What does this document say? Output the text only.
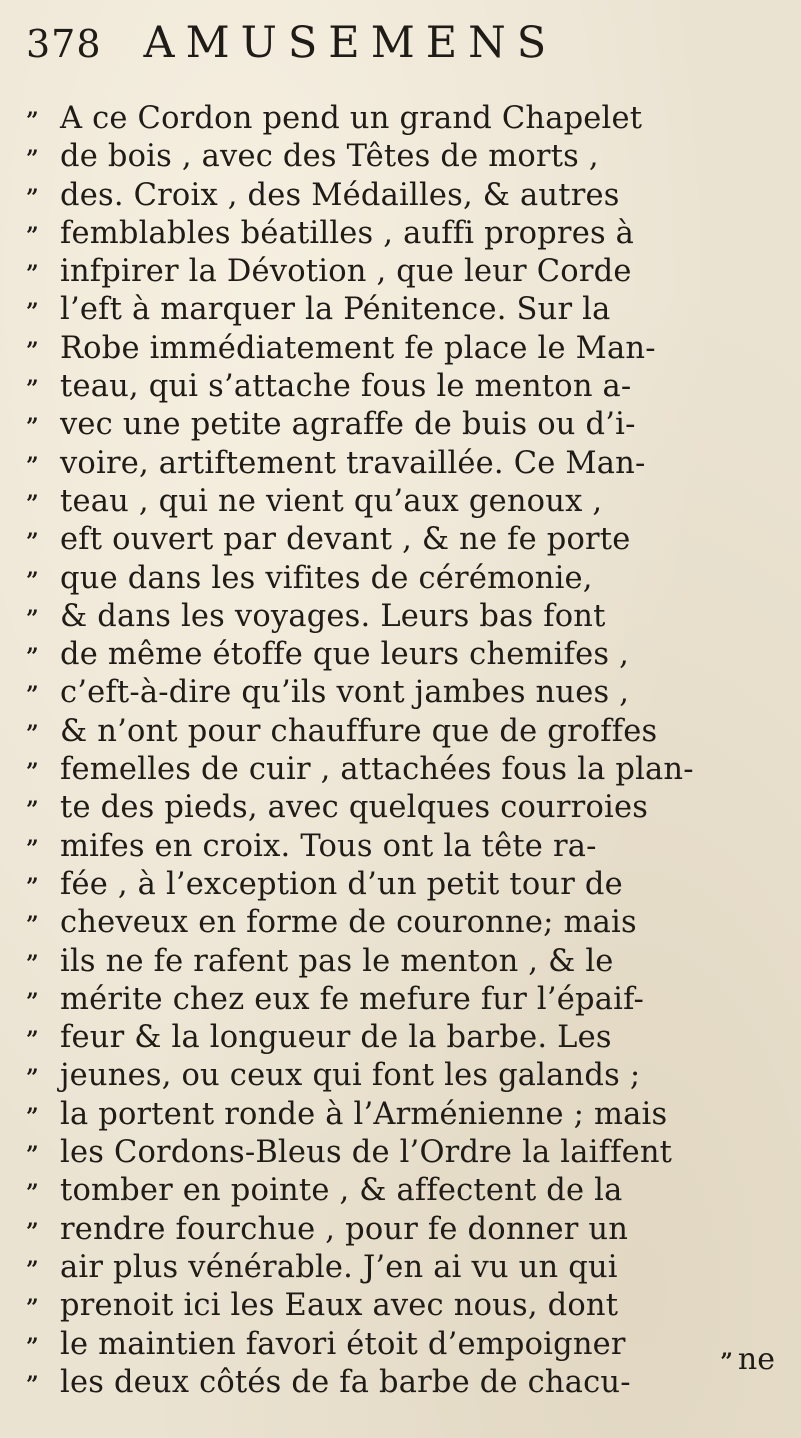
378 AMUSEMENS
” A ce Cordon pend un grand Chapelet
” de bois , avec des Têtes de morts ,
” des. Croix , des Médailles, & autres
” femblables béatilles , auffi propres à
” infpirer la Dévotion , que leur Corde
” l’eft à marquer la Pénitence. Sur la
” Robe immédiatement fe place le Man-
” teau, qui s’attache fous le menton a-
” vec une petite agraffe de buis ou d’i-
” voire, artiftement travaillée. Ce Man-
” teau , qui ne vient qu’aux genoux ,
” eft ouvert par devant , & ne fe porte
” que dans les vifites de cérémonie,
” & dans les voyages. Leurs bas font
” de même étoffe que leurs chemifes ,
” c’eft-à-dire qu’ils vont jambes nues ,
” & n’ont pour chauffure que de groffes
” femelles de cuir , attachées fous la plan-
” te des pieds, avec quelques courroies
” mifes en croix. Tous ont la tête ra-
” fée , à l’exception d’un petit tour de
” cheveux en forme de couronne; mais
” ils ne fe rafent pas le menton , & le
” mérite chez eux fe mefure fur l’épaif-
” feur & la longueur de la barbe. Les
” jeunes, ou ceux qui font les galands ;
” la portent ronde à l’Arménienne ; mais
” les Cordons-Bleus de l’Ordre la laiffent
” tomber en pointe , & affectent de la
” rendre fourchue , pour fe donner un
” air plus vénérable. J’en ai vu un qui
” prenoit ici les Eaux avec nous, dont
” le maintien favori étoit d’empoigner
” les deux côtés de fa barbe de chacu-
” ne
